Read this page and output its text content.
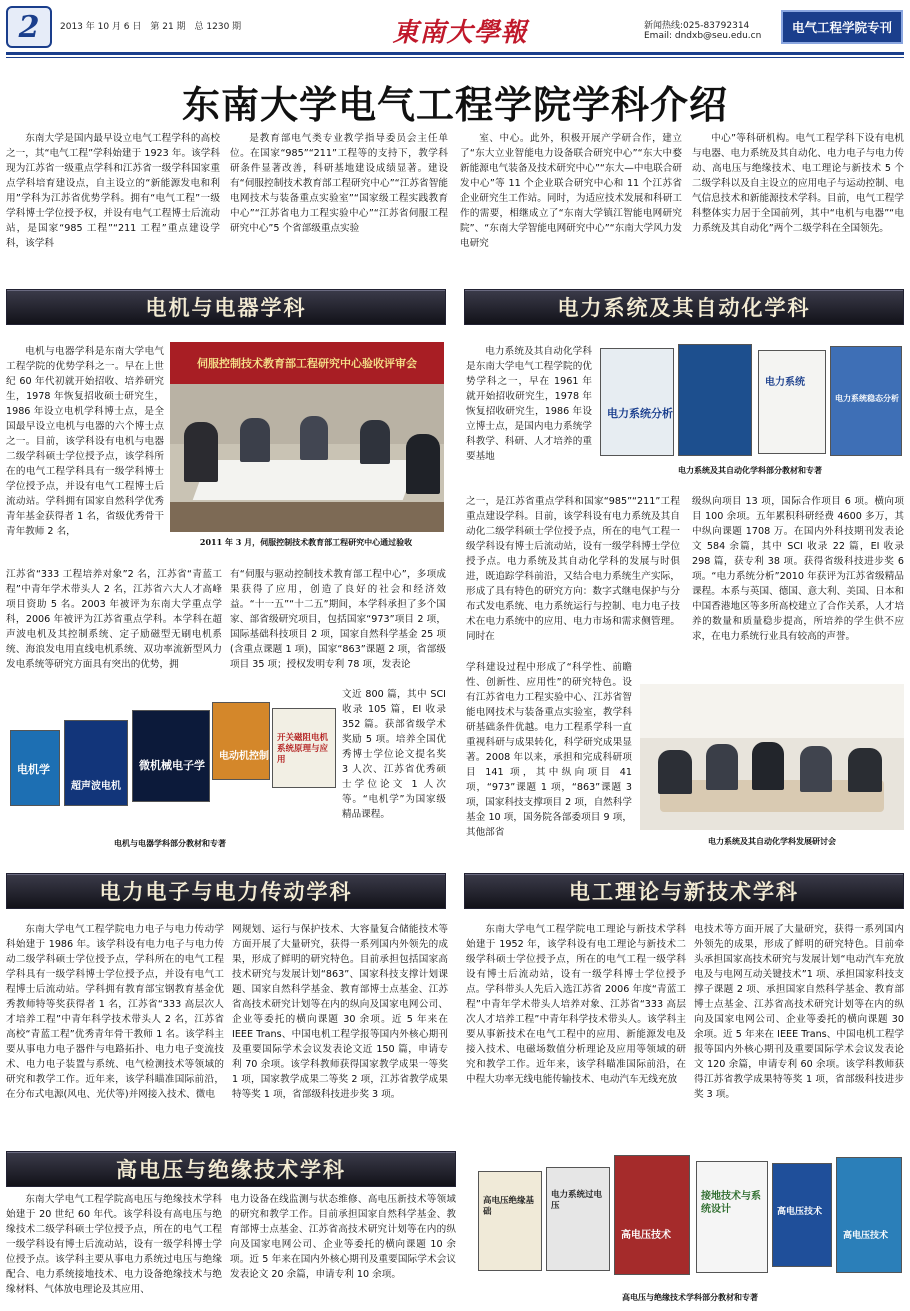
2 2013 年 10 月 6 日　第 21 期　总 1230 期	東南大學報	新闻热线:025-83792314
Email: dndxb@seu.edu.cn
电气工程学院专刊
东南大学电气工程学院学科介绍
东南大学是国内最早设立电气工程学科的高校之一，其“电气工程”学科始建于 1923 年。该学科现为江苏省一级重点学科和江苏省一级学科国家重点学科培育建设点，自主设立的“新能源发电和利用”学科为江苏省优势学科。拥有“电气工程”一级学科博士学位授予权，并设有电气工程博士后流动站，是国家“985 工程”“211 工程”重点建设学科，该学科
是教育部电气类专业教学指导委员会主任单位。在国家“985”“211”工程等的支持下，教学科研条件显著改善，科研基地建设成绩显著。建设有“伺服控制技术教育部工程研究中心”“江苏省智能电网技术与装备重点实验室”“国家级工程实践教育中心”“江苏省电力工程实验中心”“江苏省伺服工程研究中心”5 个省部级重点实验
室、中心。此外，积极开展产学研合作，建立了“东大立业智能电力设备联合研究中心”“东大中婺新能源电气装备及技术研究中心”“东大—中电联合研发中心”等 11 个企业联合研究中心和 11 个江苏省企业研究生工作站。同时，为适应技术发展和科研工作的需要，相继成立了“东南大学镇江智能电网研究院”、“东南大学智能电网研究中心”“东南大学风力发电研究
中心”等科研机构。电气工程学科下设有电机与电器、电力系统及其自动化、电力电子与电力传动、高电压与绝缘技术、电工理论与新技术 5 个二级学科以及自主设立的应用电子与运动控制、电气信息技术和新能源技术学科。目前，电气工程学科整体实力居于全国前列，其中“电机与电器”“电力系统及其自动化”两个二级学科在全国领先。
电机与电器学科
电机与电器学科是东南大学电气工程学院的优势学科之一。早在上世纪 60 年代初就开始招收、培养研究生，1978 年恢复招收硕士研究生，1986 年设立电机学科博士点，是全国最早设立电机与电器的六个博士点之一。目前，该学科设有电机与电器二级学科硕士学位授予点，该学科所在的电气工程学科具有一级学科博士学位授予点，并设有电气工程博士后流动站。学科拥有国家自然科学优秀青年基金获得者 1 名，省级优秀骨干青年教师 2 名，
伺服控制技术教育部工程研究中心验收评审会
2011 年 3 月，伺服控制技术教育部工程研究中心通过验收
江苏省“333 工程培养对象”2 名，江苏省“青蓝工程”中青年学术带头人 2 名，江苏省六大人才高峰项目资助 5 名。2003 年被评为东南大学重点学科，2006 年被评为江苏省重点学科。本学科在超声波电机及其控制系统、定子励磁型无刷电机系统、海浪发电用直线电机系统、双功率流新型风力发电系统等研究方面具有突出的优势，拥
有“伺服与驱动控制技术教育部工程中心”，多项成果获得了应用，创造了良好的社会和经济效益。“十一五”“十二五”期间，本学科承担了多个国家、部省级研究项目，包括国家“973”项目 2 项，国际基础科技项目 2 项，国家自然科学基金 25 项(含重点课题 1 项)，国家“863”课题 2 项，省部级项目 35 项；授权发明专利 78 项，发表论
文近 800 篇，其中 SCI 收录 105 篇，EI 收录 352 篇。获部省级学术奖励 5 项。培养全国优秀博士学位论文提名奖 3 人次、江苏省优秀硕士学位论文 1 人次等。“电机学”为国家级精品课程。
电机学
超声波电机
微机械电子学
电动机控制
开关磁阻电机系统原理与应用
电机与电器学科部分教材和专著
电力系统及其自动化学科
电力系统及其自动化学科是东南大学电气工程学院的优势学科之一，早在 1961 年就开始招收研究生，1978 年恢复招收研究生，1986 年设立博士点，是国内电力系统学科教学、科研、人才培养的重要基地
电力系统分析

电力系统
电力系统稳态分析
电力系统及其自动化学科部分教材和专著
之一，是江苏省重点学科和国家“985”“211”工程重点建设学科。目前，该学科设有电力系统及其自动化二级学科硕士学位授予点，所在的电气工程一级学科设有博士后流动站，设有一级学科博士学位授予点。电力系统及其自动化学科的发展与时俱进，既追踪学科前沿，又结合电力系统生产实际，形成了具有特色的研究方向：数字式继电保护与分布式发电系统、电力系统运行与控制、电力电子技术在电力系统中的应用、电力市场和需求侧管理。同时在
学科建设过程中形成了“科学性、前瞻性、创新性、应用性”的研究特色。设有江苏省电力工程实验中心、江苏省智能电网技术与装备重点实验室，教学科研基础条件优越。电力工程系学科一直重视科研与成果转化，科学研究成果显著。2008 年以来，承担和完成科研项目 141 项，其中纵向项目 41 项，“973”课题 1 项，“863”课题 3 项，国家科技支撑项目 2 项，自然科学基金 10 项，国务院各部委项目 9 项，其他部省
级纵向项目 13 项，国际合作项目 6 项。横向项目 100 余项。五年累积科研经费 4600 多万，其中纵向课题 1708 万。在国内外科技期刊发表论文 584 余篇，其中 SCI 收录 22 篇，EI 收录 298 篇，获专利 38 项。获得省级科技进步奖 6 项。“电力系统分析”2010 年获评为江苏省级精品课程。本系与英国、德国、意大利、美国、日本和中国香港地区等多所高校建立了合作关系，人才培养的数量和质量稳步提高，所培养的学生供不应求，在电力系统行业具有较高的声誉。
电力系统及其自动化学科发展研讨会
电力电子与电力传动学科
东南大学电气工程学院电力电子与电力传动学科始建于 1986 年。该学科设有电力电子与电力传动二级学科硕士学位授予点，学科所在的电气工程学科具有一级学科博士学位授予点，并设有电气工程博士后流动站。学科拥有教育部宝钢教育基金优秀教师特等奖获得者 1 名，江苏省“333 高层次人才培养工程”中青年科学技术带头人 2 名，江苏省高校“青蓝工程”优秀青年骨干教师 1 名。该学科主要从事电力电子器件与电路拓扑、电力电子变流技术、电力电子装置与系统、电气检测技术等领域的研究和教学工作。近年来，该学科瞄准国际前沿，在分布式电源(风电、光伏等)并网接入技术、微电
网规划、运行与保护技术、大容量复合储能技术等方面开展了大量研究，获得一系列国内外领先的成果，形成了鲜明的研究特色。目前承担包括国家高技术研究与发展计划“863”、国家科技支撑计划课题、国家自然科学基金、教育部博士点基金、江苏省高技术研究计划等在内的纵向及国家电网公司、企业等委托的横向课题 30 余项。近 5 年来在 IEEE Trans、中国电机工程学报等国内外核心期刊及重要国际学术会议发表论文近 150 篇，申请专利 70 余项。该学科教师获得国家教学成果一等奖 1 项，国家教学成果二等奖 2 项，江苏省教学成果特等奖 1 项，省部级科技进步奖 3 项。
电工理论与新技术学科
东南大学电气工程学院电工理论与新技术学科始建于 1952 年，该学科设有电工理论与新技术二级学科硕士学位授予点，所在的电气工程一级学科设有博士后流动站，设有一级学科博士学位授予点。学科带头人先后入选江苏省 2006 年度“青蓝工程”中青年学术带头人培养对象、江苏省“333 高层次人才培养工程”中青年科学技术带头人。该学科主要从事新技术在电气工程中的应用、新能源发电及接入技术、电磁场数值分析理论及应用等领域的研究和教学工作。近年来，该学科瞄准国际前沿，在中程大功率无线电能传输技术、电动汽车无线充放
电技术等方面开展了大量研究，获得一系列国内外领先的成果，形成了鲜明的研究特色。目前牵头承担国家高技术研究与发展计划“电动汽车充放电及与电网互动关键技术”1 项、承担国家科技支撑子课题 2 项、承担国家自然科学基金、教育部博士点基金、江苏省高技术研究计划等在内的纵向及国家电网公司、企业等委托的横向课题 30 余项。近 5 年来在 IEEE Trans、中国电机工程学报等国内外核心期刊及重要国际学术会议发表论文 120 余篇，申请专利 60 余项。该学科教师获得江苏省教学成果特等奖 1 项，省部级科技进步奖 3 项。
高电压与绝缘技术学科
东南大学电气工程学院高电压与绝缘技术学科始建于 20 世纪 60 年代。该学科设有高电压与绝缘技术二级学科硕士学位授予点，所在的电气工程一级学科设有博士后流动站，设有一级学科博士学位授予点。该学科主要从事电力系统过电压与绝缘配合、电力系统接地技术、电力设备绝缘技术与绝缘材料、气体放电理论及其应用、
电力设备在线监测与状态维修、高电压新技术等领域的研究和教学工作。目前承担国家自然科学基金、教育部博士点基金、江苏省高技术研究计划等在内的纵向及国家电网公司、企业等委托的横向课题 10 余项。近 5 年来在国内外核心期刊及重要国际学术会议发表论文 20 余篇，申请专利 10 余项。
高电压绝缘基础
电力系统过电压
高电压技术
接地技术与系统设计	高电压技术
高电压技术
高电压与绝缘技术学科部分教材和专著
